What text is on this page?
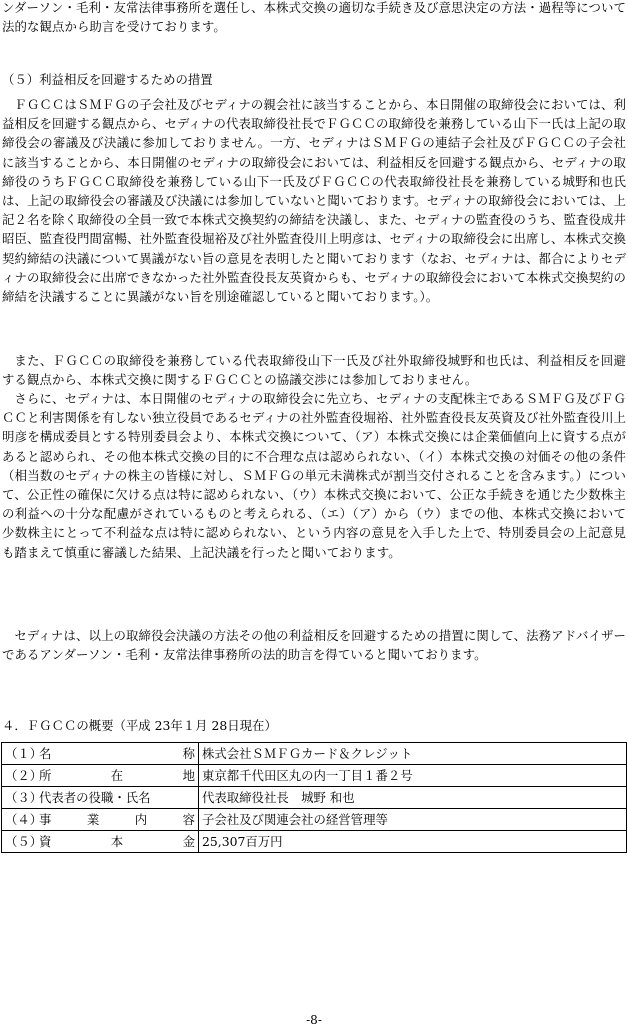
ンダーソン・毛利・友常法律事務所を選任し、本株式交換の適切な手続き及び意思決定の方法・過程等について法的な観点から助言を受けております。

（５）利益相反を回避するための措置

ＦＧＣＣはＳＭＦＧの子会社及びセディナの親会社に該当することから、本日開催の取締役会においては、利益相反を回避する観点から、セディナの代表取締役社長でＦＧＣＣの取締役を兼務している山下一氏は上記の取締役会の審議及び決議に参加しておりません。一方、セディナはＳＭＦＧの連結子会社及びＦＧＣＣの子会社に該当することから、本日開催のセディナの取締役会においては、利益相反を回避する観点から、セディナの取締役のうちＦＧＣＣ取締役を兼務している山下一氏及びＦＧＣＣの代表取締役社長を兼務している城野和也氏は、上記の取締役会の審議及び決議には参加していないと聞いております。セディナの取締役会においては、上記２名を除く取締役の全員一致で本株式交換契約の締結を決議し、また、セディナの監査役のうち、監査役成井昭臣、監査役門間富暢、社外監査役堀裕及び社外監査役川上明彦は、セディナの取締役会に出席し、本株式交換契約締結の決議について異議がない旨の意見を表明したと聞いております（なお、セディナは、都合によりセディナの取締役会に出席できなかった社外監査役長友英資からも、セディナの取締役会において本株式交換契約の締結を決議することに異議がない旨を別途確認していると聞いております。）。

また、ＦＧＣＣの取締役を兼務している代表取締役山下一氏及び社外取締役城野和也氏は、利益相反を回避する観点から、本株式交換に関するＦＧＣＣとの協議交渉には参加しておりません。

さらに、セディナは、本日開催のセディナの取締役会に先立ち、セディナの支配株主であるＳＭＦＧ及びＦＧＣＣと利害関係を有しない独立役員であるセディナの社外監査役堀裕、社外監査役長友英資及び社外監査役川上明彦を構成委員とする特別委員会より、本株式交換について、（ア）本株式交換には企業価値向上に資する点があると認められ、その他本株式交換の目的に不合理な点は認められない、（イ）本株式交換の対価その他の条件（相当数のセディナの株主の皆様に対し、ＳＭＦＧの単元未満株式が割当交付されることを含みます。）について、公正性の確保に欠ける点は特に認められない、（ウ）本株式交換において、公正な手続きを通じた少数株主の利益への十分な配慮がされているものと考えられる、（エ）（ア）から（ウ）までの他、本株式交換において少数株主にとって不利益な点は特に認められない、という内容の意見を入手した上で、特別委員会の上記意見も踏まえて慎重に審議した結果、上記決議を行ったと聞いております。

セディナは、以上の取締役会決議の方法その他の利益相反を回避するための措置に関して、法務アドバイザーであるアンダーソン・毛利・友常法律事務所の法的助言を得ていると聞いております。

４．ＦＧＣＣの概要（平成 23年１月 28日現在）

（１）
名 称	株式会社ＳＭＦＧカード＆クレジット

（２）
所 在 地	東京都千代田区丸の内一丁目１番２号

（３）
代表者の役職・氏名	代表取締役社長　城野 和也

（４）
事 業 内 容	子会社及び関連会社の経営管理等

（５）
資 本 金	25,307百万円
-8-
